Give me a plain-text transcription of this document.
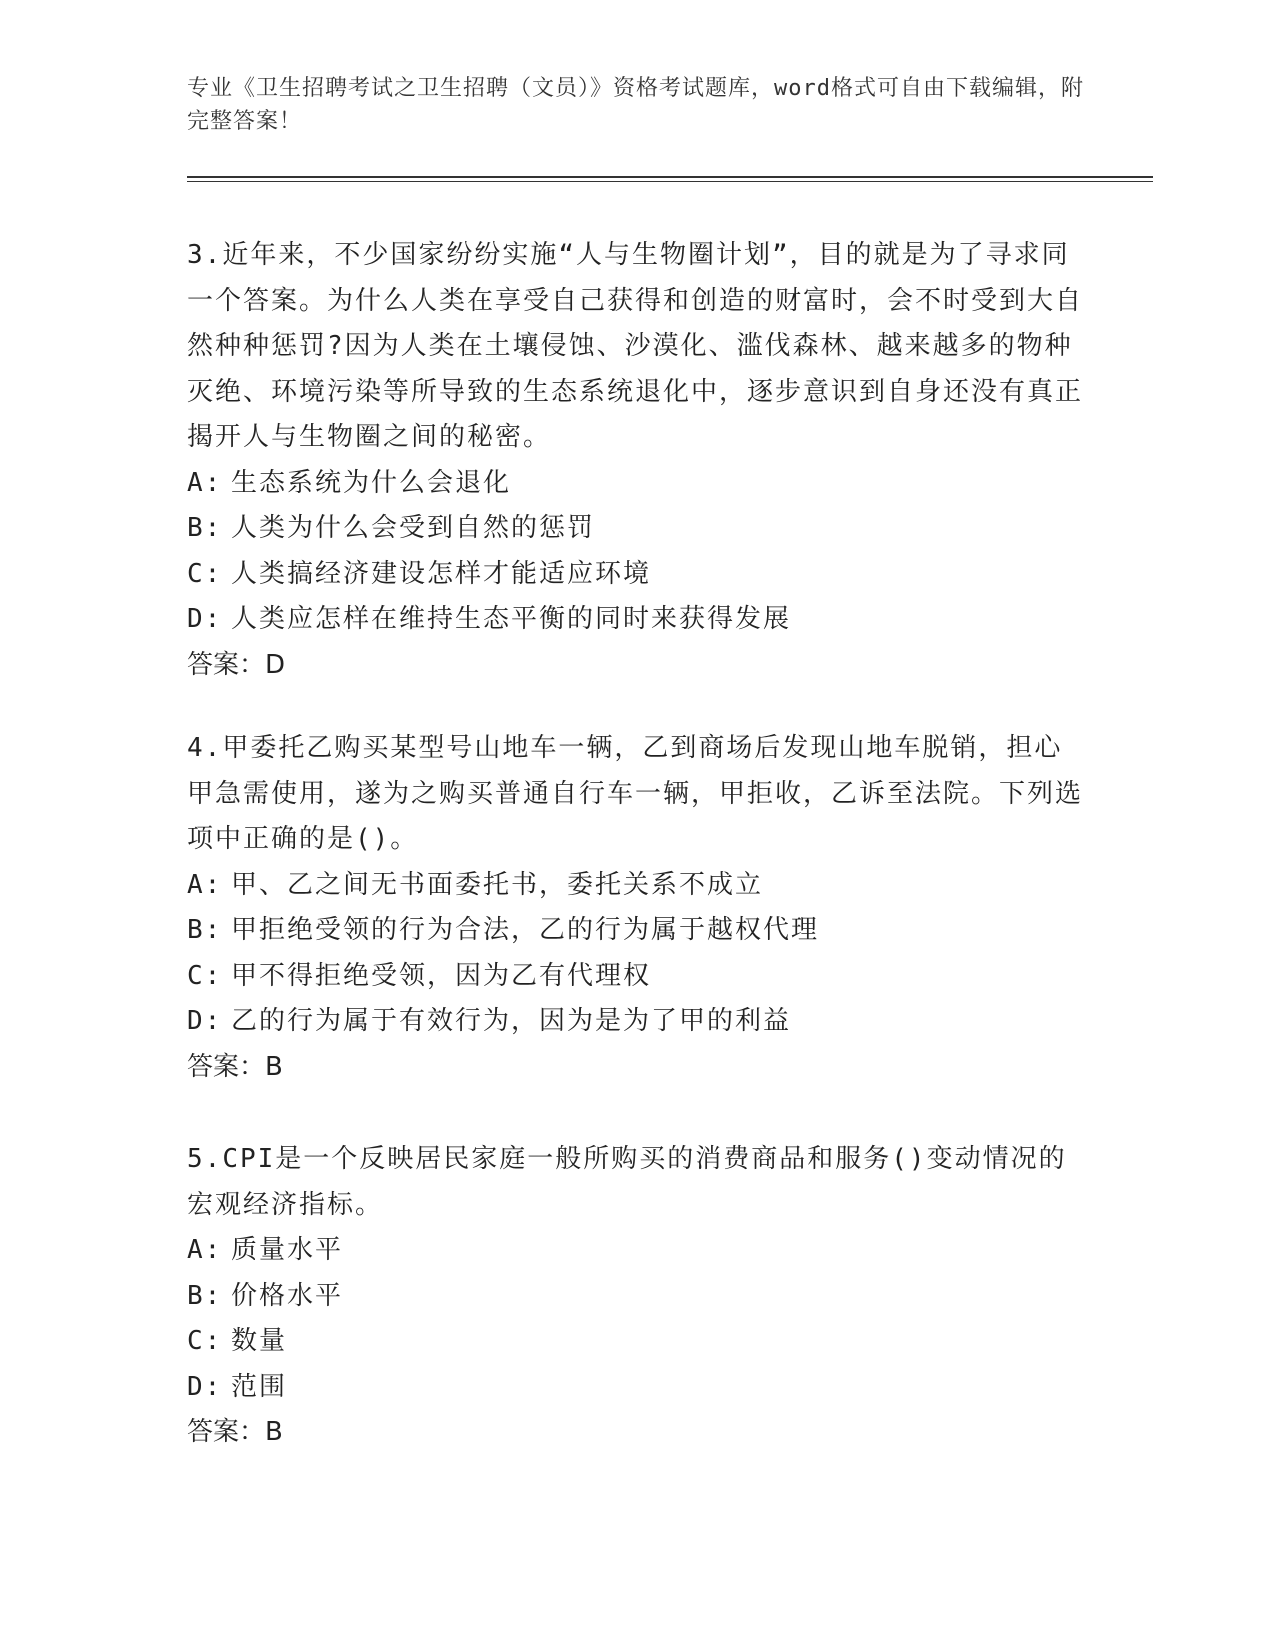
专业《卫生招聘考试之卫生招聘（文员）》资格考试题库，word格式可自由下载编辑，附完整答案！

3.近年来，不少国家纷纷实施“人与生物圈计划”，目的就是为了寻求同一个答案。为什么人类在享受自己获得和创造的财富时，会不时受到大自然种种惩罚?因为人类在土壤侵蚀、沙漠化、滥伐森林、越来越多的物种灭绝、环境污染等所导致的生态系统退化中，逐步意识到自身还没有真正揭开人与生物圈之间的秘密。

A: 生态系统为什么会退化

B: 人类为什么会受到自然的惩罚

C: 人类搞经济建设怎样才能适应环境

D: 人类应怎样在维持生态平衡的同时来获得发展

答案：D

4.甲委托乙购买某型号山地车一辆，乙到商场后发现山地车脱销，担心甲急需使用，遂为之购买普通自行车一辆，甲拒收，乙诉至法院。下列选项中正确的是()。

A: 甲、乙之间无书面委托书，委托关系不成立

B: 甲拒绝受领的行为合法，乙的行为属于越权代理

C: 甲不得拒绝受领，因为乙有代理权

D: 乙的行为属于有效行为，因为是为了甲的利益

答案：B

5.CPI是一个反映居民家庭一般所购买的消费商品和服务()变动情况的宏观经济指标。

A: 质量水平

B: 价格水平

C: 数量

D: 范围

答案：B
